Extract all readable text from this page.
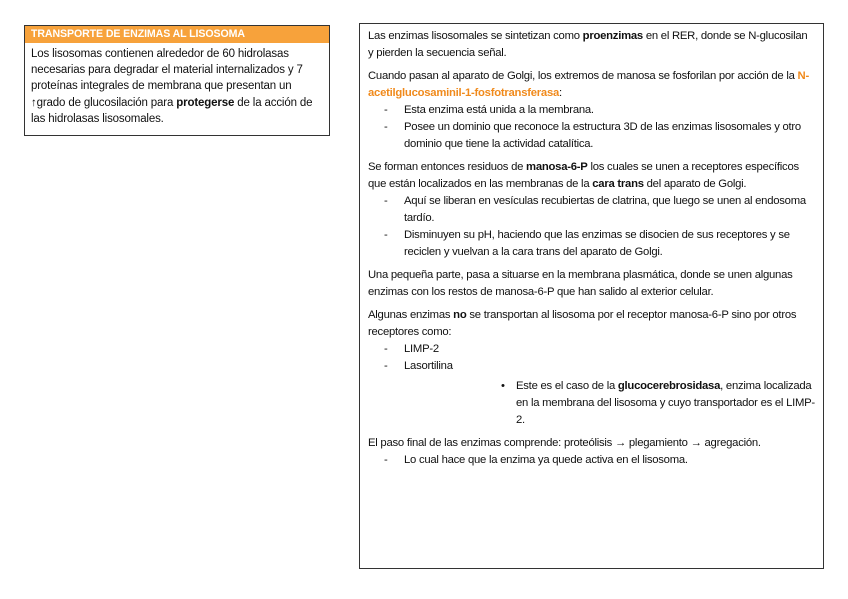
TRANSPORTE DE ENZIMAS AL LISOSOMA
Los lisosomas contienen alrededor de 60 hidrolasas necesarias para degradar el material internalizados y 7 proteínas integrales de membrana que presentan un ↑grado de glucosilación para protegerse de la acción de las hidrolasas lisosomales.

Las enzimas lisosomales se sintetizan como proenzimas en el RER, donde se N-glucosilan y pierden la secuencia señal.

Cuando pasan al aparato de Golgi, los extremos de manosa se fosforilan por acción de la N-acetilglucosaminil-1-fosfotransferasa:

- Esta enzima está unida a la membrana.
- Posee un dominio que reconoce la estructura 3D de las enzimas lisosomales y otro dominio que tiene la actividad catalítica.

Se forman entonces residuos de manosa-6-P los cuales se unen a receptores específicos que están localizados en las membranas de la cara trans del aparato de Golgi.

- Aquí se liberan en vesículas recubiertas de clatrina, que luego se unen al endosoma tardío.
- Disminuyen su pH, haciendo que las enzimas se disocien de sus receptores y se reciclen y vuelvan a la cara trans del aparato de Golgi.

Una pequeña parte, pasa a situarse en la membrana plasmática, donde se unen algunas enzimas con los restos de manosa-6-P que han salido al exterior celular.

Algunas enzimas no se transportan al lisosoma por el receptor manosa-6-P sino por otros receptores como:

- LIMP-2
- Lasortilina
• Este es el caso de la glucocerebrosidasa, enzima localizada en la membrana del lisosoma y cuyo transportador es el LIMP-2.

El paso final de las enzimas comprende: proteólisis → plegamiento → agregación.

- Lo cual hace que la enzima ya quede activa en el lisosoma.
